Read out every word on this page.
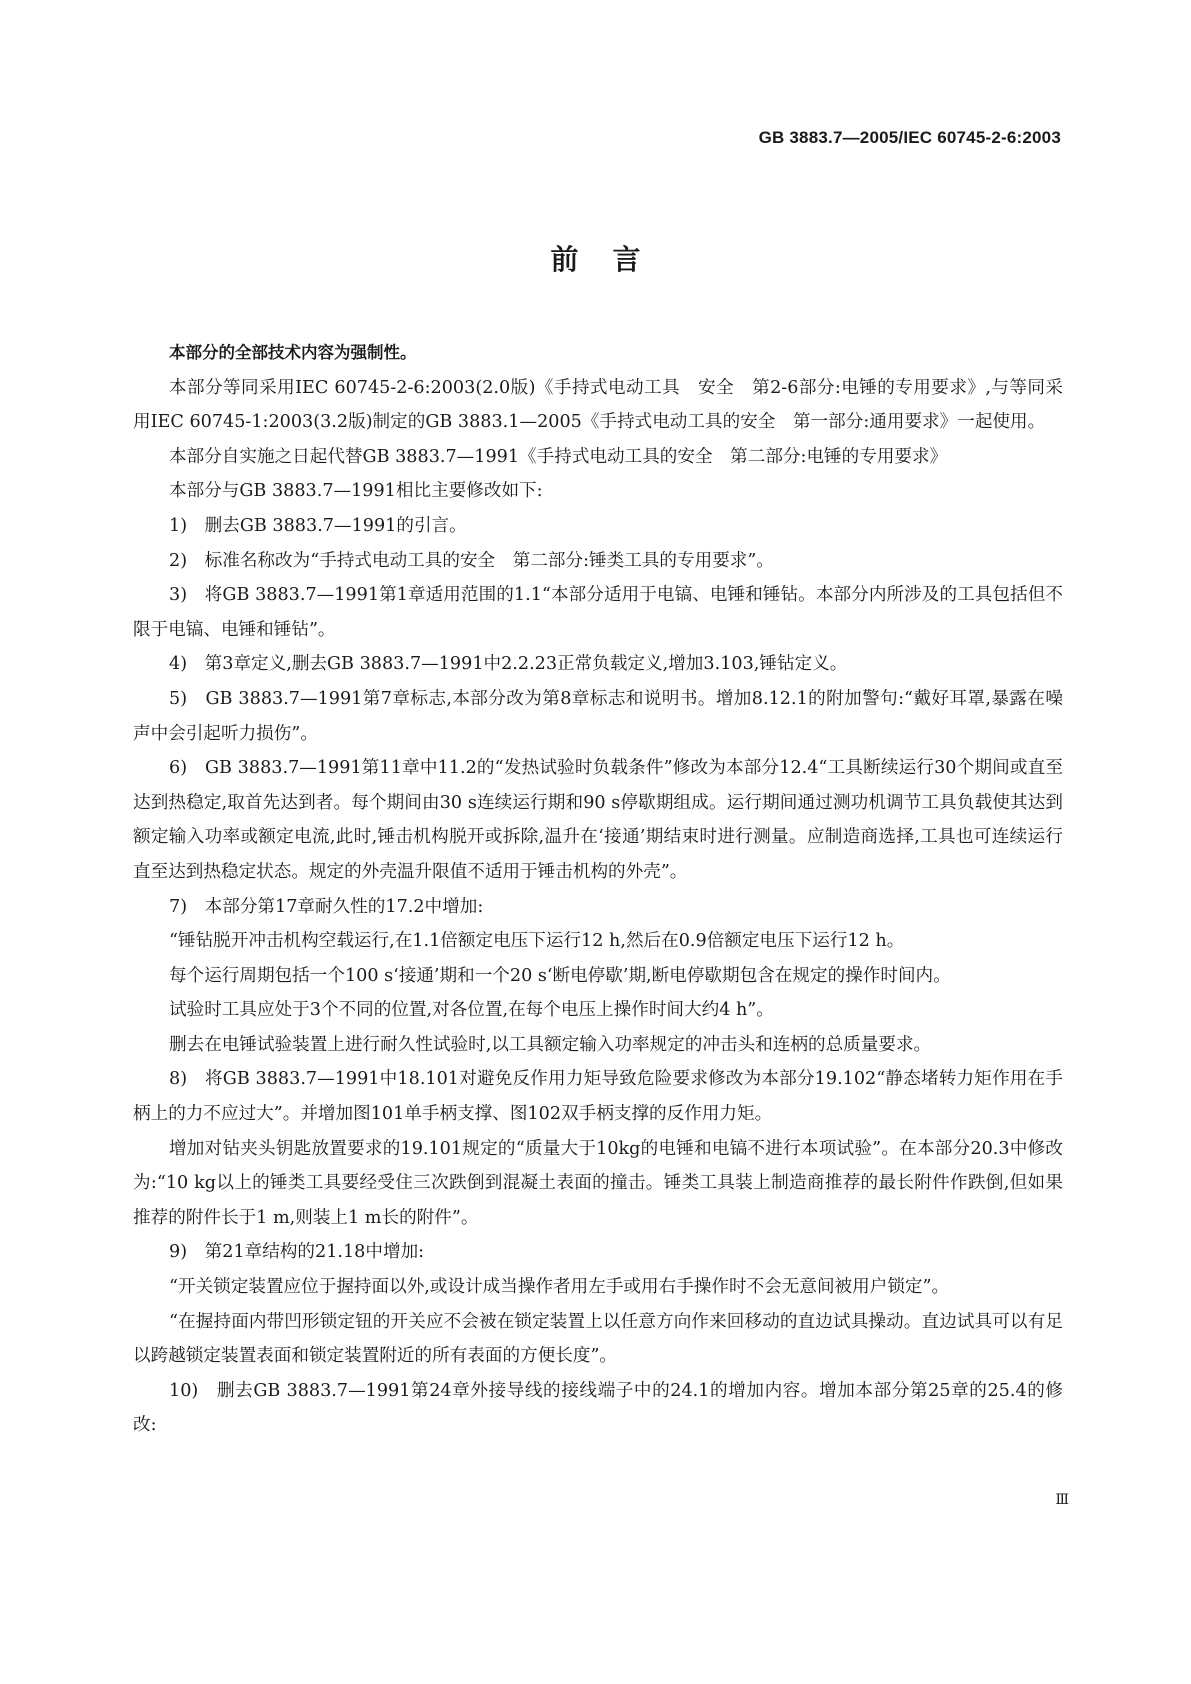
GB 3883.7—2005/IEC 60745-2-6:2003
前言

本部分的全部技术内容为强制性。

本部分等同采用IEC 60745-2-6:2003(2.0版)《手持式电动工具　安全　第2-6部分:电锤的专用要求》,与等同采用IEC 60745-1:2003(3.2版)制定的GB 3883.1—2005《手持式电动工具的安全　第一部分:通用要求》一起使用。

本部分自实施之日起代替GB 3883.7—1991《手持式电动工具的安全　第二部分:电锤的专用要求》

本部分与GB 3883.7—1991相比主要修改如下:

1)　删去GB 3883.7—1991的引言。

2)　标准名称改为“手持式电动工具的安全　第二部分:锤类工具的专用要求”。

3)　将GB 3883.7—1991第1章适用范围的1.1“本部分适用于电镐、电锤和锤钻。本部分内所涉及的工具包括但不限于电镐、电锤和锤钻”。

4)　第3章定义,删去GB 3883.7—1991中2.2.23正常负载定义,增加3.103,锤钻定义。

5)　GB 3883.7—1991第7章标志,本部分改为第8章标志和说明书。增加8.12.1的附加警句:“戴好耳罩,暴露在噪声中会引起听力损伤”。

6)　GB 3883.7—1991第11章中11.2的“发热试验时负载条件”修改为本部分12.4“工具断续运行30个期间或直至达到热稳定,取首先达到者。每个期间由30 s连续运行期和90 s停歇期组成。运行期间通过测功机调节工具负载使其达到额定输入功率或额定电流,此时,锤击机构脱开或拆除,温升在‘接通’期结束时进行测量。应制造商选择,工具也可连续运行直至达到热稳定状态。规定的外壳温升限值不适用于锤击机构的外壳”。

7)　本部分第17章耐久性的17.2中增加:

“锤钻脱开冲击机构空载运行,在1.1倍额定电压下运行12 h,然后在0.9倍额定电压下运行12 h。

每个运行周期包括一个100 s‘接通’期和一个20 s‘断电停歇’期,断电停歇期包含在规定的操作时间内。

试验时工具应处于3个不同的位置,对各位置,在每个电压上操作时间大约4 h”。

删去在电锤试验装置上进行耐久性试验时,以工具额定输入功率规定的冲击头和连柄的总质量要求。

8)　将GB 3883.7—1991中18.101对避免反作用力矩导致危险要求修改为本部分19.102“静态堵转力矩作用在手柄上的力不应过大”。并增加图101单手柄支撑、图102双手柄支撑的反作用力矩。

增加对钻夹头钥匙放置要求的19.101规定的“质量大于10kg的电锤和电镐不进行本项试验”。在本部分20.3中修改为:“10 kg以上的锤类工具要经受住三次跌倒到混凝土表面的撞击。锤类工具装上制造商推荐的最长附件作跌倒,但如果推荐的附件长于1 m,则装上1 m长的附件”。

9)　第21章结构的21.18中增加:

“开关锁定装置应位于握持面以外,或设计成当操作者用左手或用右手操作时不会无意间被用户锁定”。

“在握持面内带凹形锁定钮的开关应不会被在锁定装置上以任意方向作来回移动的直边试具操动。直边试具可以有足以跨越锁定装置表面和锁定装置附近的所有表面的方便长度”。

10)　删去GB 3883.7—1991第24章外接导线的接线端子中的24.1的增加内容。增加本部分第25章的25.4的修改:

Ⅲ
